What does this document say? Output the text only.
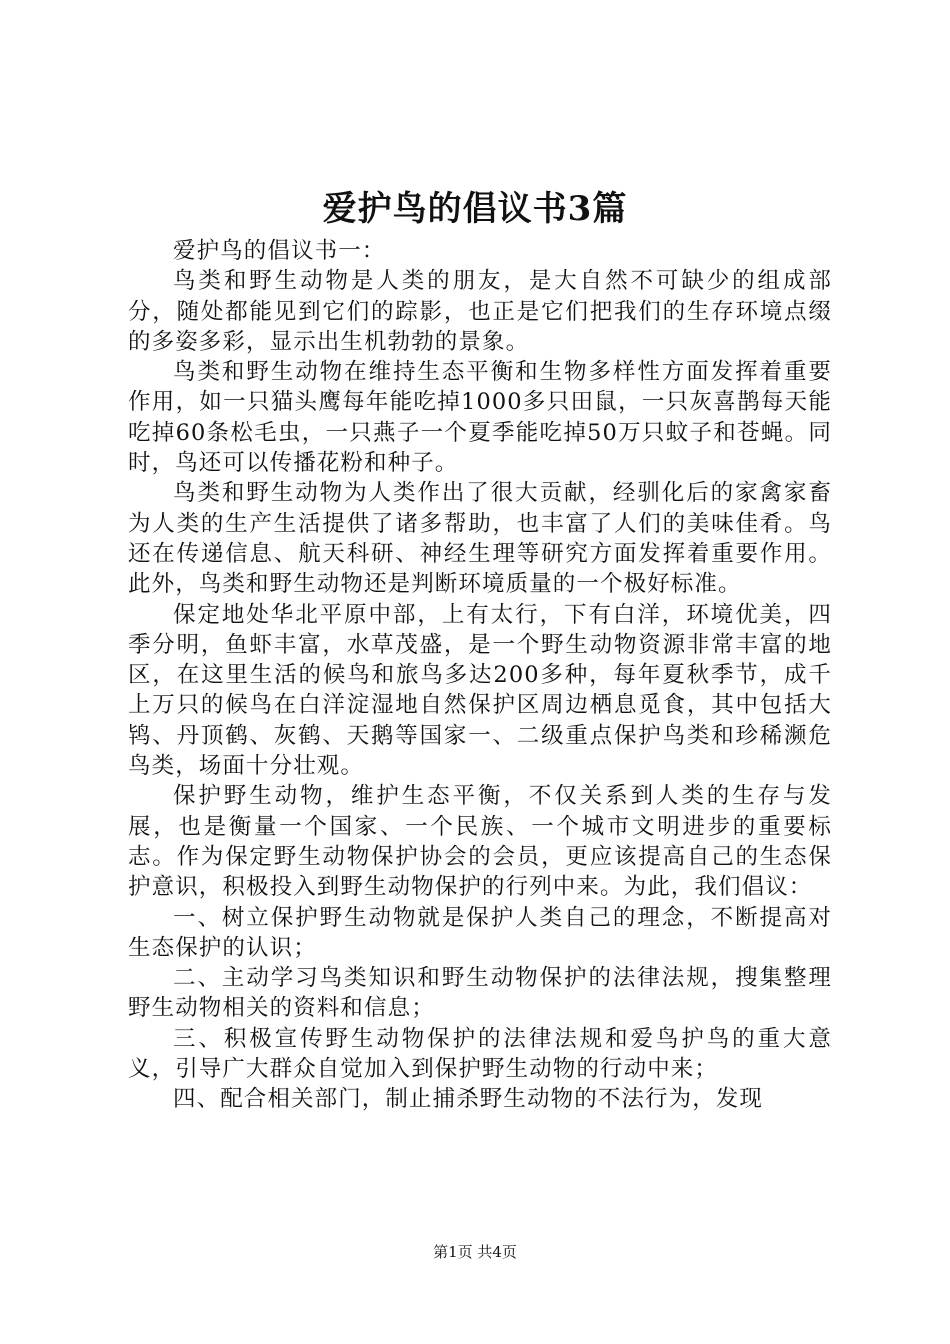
爱护鸟的倡议书3篇

爱护鸟的倡议书一：

鸟类和野生动物是人类的朋友，是大自然不可缺少的组成部分，随处都能见到它们的踪影，也正是它们把我们的生存环境点缀的多姿多彩，显示出生机勃勃的景象。

鸟类和野生动物在维持生态平衡和生物多样性方面发挥着重要作用，如一只猫头鹰每年能吃掉1000多只田鼠，一只灰喜鹊每天能吃掉60条松毛虫，一只燕子一个夏季能吃掉50万只蚊子和苍蝇。同时，鸟还可以传播花粉和种子。

鸟类和野生动物为人类作出了很大贡献，经驯化后的家禽家畜为人类的生产生活提供了诸多帮助，也丰富了人们的美味佳肴。鸟还在传递信息、航天科研、神经生理等研究方面发挥着重要作用。此外，鸟类和野生动物还是判断环境质量的一个极好标准。

保定地处华北平原中部，上有太行，下有白洋，环境优美，四季分明，鱼虾丰富，水草茂盛，是一个野生动物资源非常丰富的地区，在这里生活的候鸟和旅鸟多达200多种，每年夏秋季节，成千上万只的候鸟在白洋淀湿地自然保护区周边栖息觅食，其中包括大鸨、丹顶鹤、灰鹤、天鹅等国家一、二级重点保护鸟类和珍稀濒危鸟类，场面十分壮观。

保护野生动物，维护生态平衡，不仅关系到人类的生存与发展，也是衡量一个国家、一个民族、一个城市文明进步的重要标志。作为保定野生动物保护协会的会员，更应该提高自己的生态保护意识，积极投入到野生动物保护的行列中来。为此，我们倡议：

一、树立保护野生动物就是保护人类自己的理念，不断提高对生态保护的认识；

二、主动学习鸟类知识和野生动物保护的法律法规，搜集整理野生动物相关的资料和信息；

三、积极宣传野生动物保护的法律法规和爱鸟护鸟的重大意义，引导广大群众自觉加入到保护野生动物的行动中来；

四、配合相关部门，制止捕杀野生动物的不法行为，发现

第1页 共4页
